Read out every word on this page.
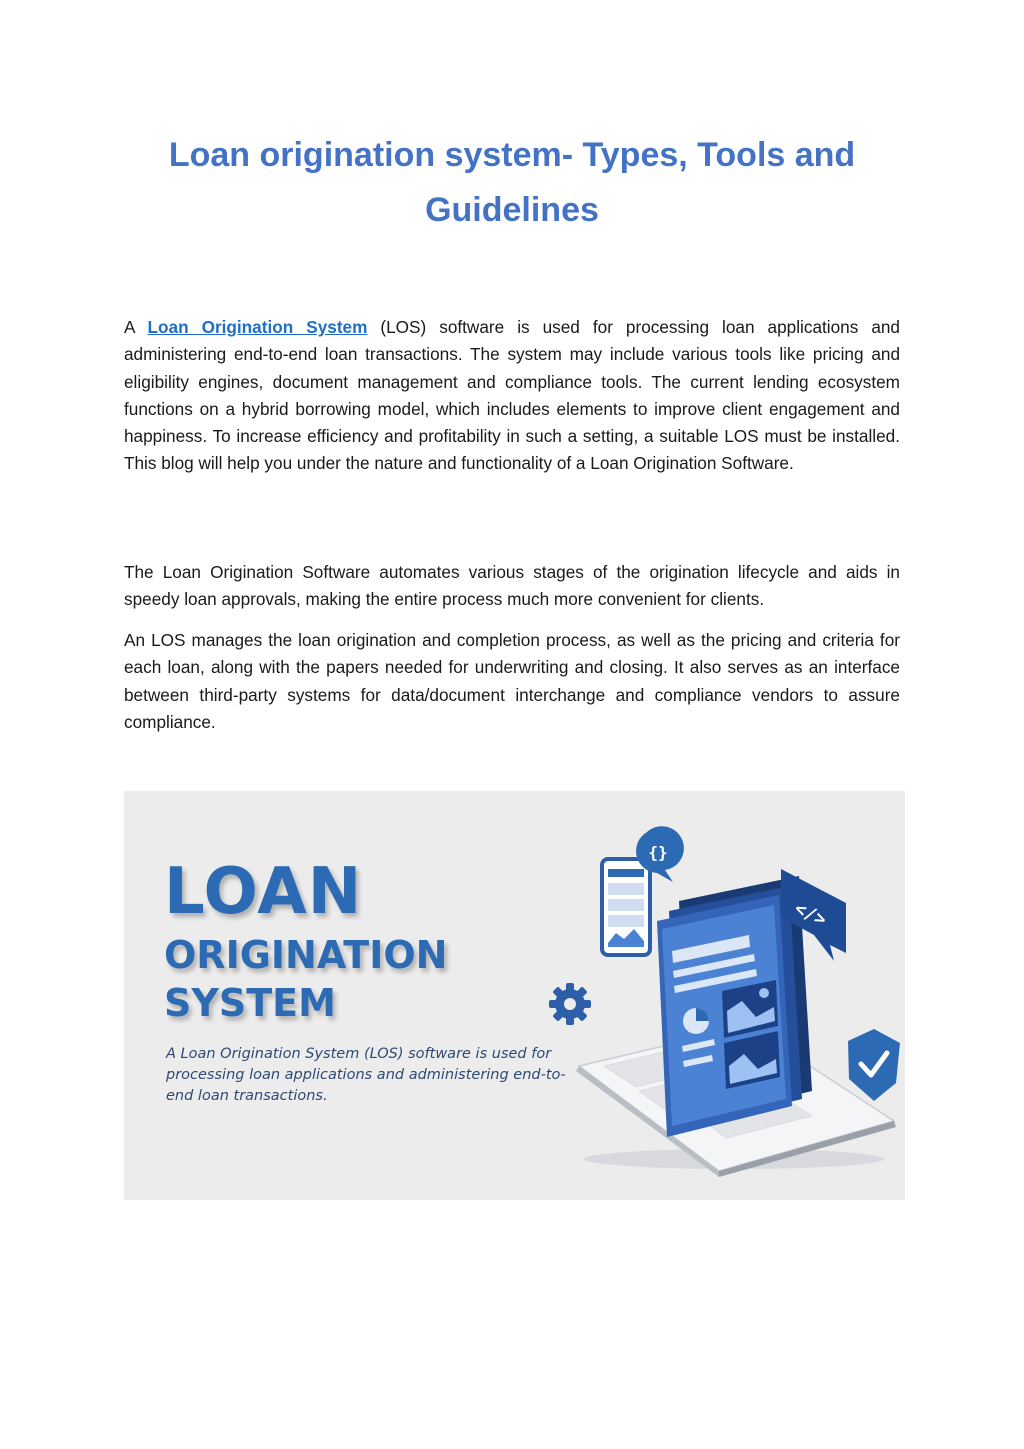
Loan origination system- Types, Tools and Guidelines

A Loan Origination System (LOS) software is used for processing loan applications and administering end-to-end loan transactions. The system may include various tools like pricing and eligibility engines, document management and compliance tools. The current lending ecosystem functions on a hybrid borrowing model, which includes elements to improve client engagement and happiness. To increase efficiency and profitability in such a setting, a suitable LOS must be installed. This blog will help you under the nature and functionality of a Loan Origination Software.

The Loan Origination Software automates various stages of the origination lifecycle and aids in speedy loan approvals, making the entire process much more convenient for clients.

An LOS manages the loan origination and completion process, as well as the pricing and criteria for each loan, along with the papers needed for underwriting and closing. It also serves as an interface between third-party systems for data/document interchange and compliance vendors to assure compliance.

LOAN
ORIGINATION
SYSTEM

A Loan Origination System (LOS) software is used for processing loan applications and administering end-to-end loan transactions.

{}
</>
